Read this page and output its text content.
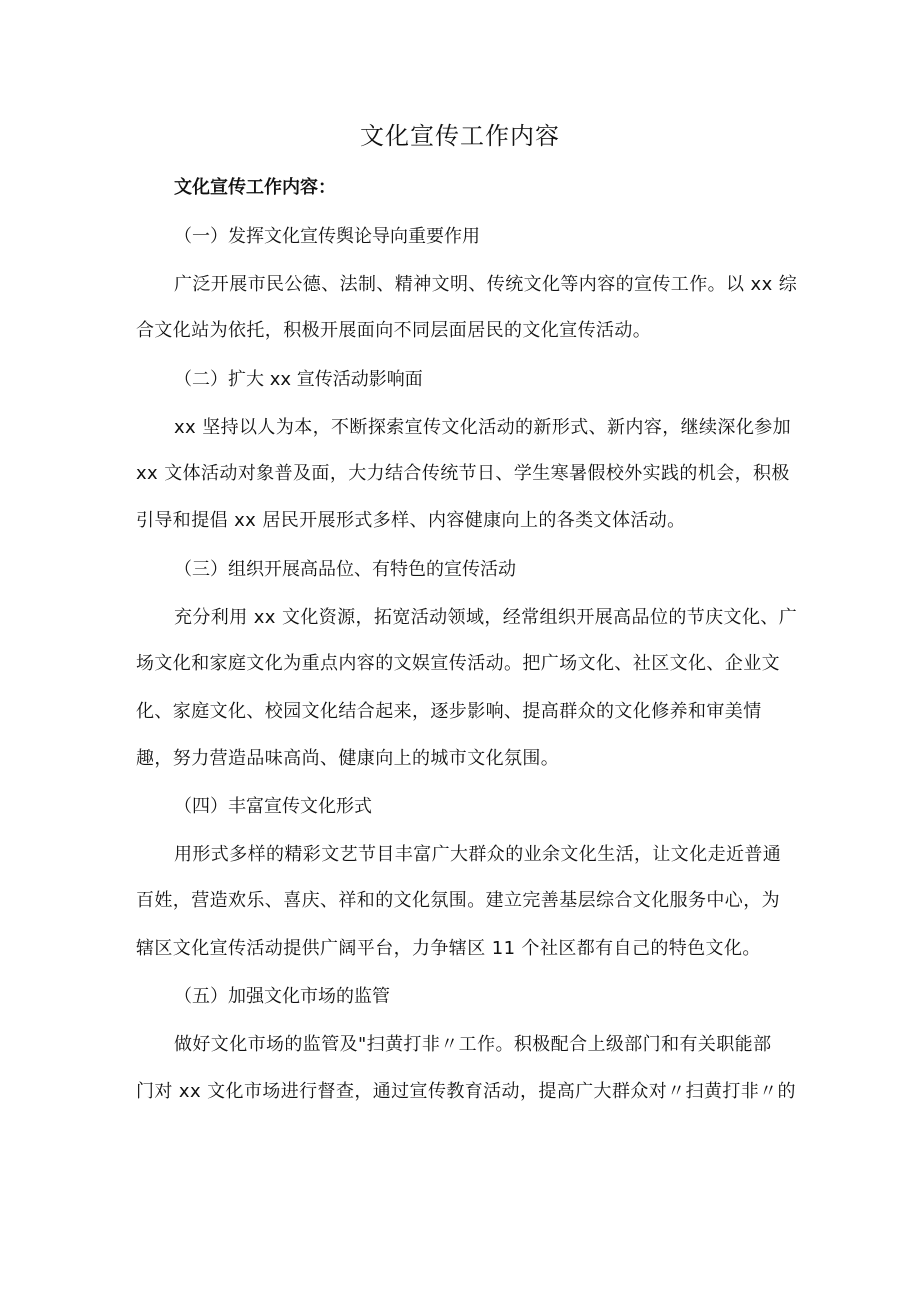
文化宣传工作内容
文化宣传工作内容：
（一）发挥文化宣传舆论导向重要作用
广泛开展市民公德、法制、精神文明、传统文化等内容的宣传工作。以 xx 综
合文化站为依托，积极开展面向不同层面居民的文化宣传活动。
（二）扩大 xx 宣传活动影响面
xx 坚持以人为本，不断探索宣传文化活动的新形式、新内容，继续深化参加
xx 文体活动对象普及面，大力结合传统节日、学生寒暑假校外实践的机会，积极
引导和提倡 xx 居民开展形式多样、内容健康向上的各类文体活动。
（三）组织开展高品位、有特色的宣传活动
充分利用 xx 文化资源，拓宽活动领域，经常组织开展高品位的节庆文化、广
场文化和家庭文化为重点内容的文娱宣传活动。把广场文化、社区文化、企业文
化、家庭文化、校园文化结合起来，逐步影响、提高群众的文化修养和审美情
趣，努力营造品味高尚、健康向上的城市文化氛围。
（四）丰富宣传文化形式
用形式多样的精彩文艺节目丰富广大群众的业余文化生活，让文化走近普通
百姓，营造欢乐、喜庆、祥和的文化氛围。建立完善基层综合文化服务中心，为
辖区文化宣传活动提供广阔平台，力争辖区 11 个社区都有自己的特色文化。
（五）加强文化市场的监管
做好文化市场的监管及"扫黄打非〃工作。积极配合上级部门和有关职能部
门对 xx 文化市场进行督查，通过宣传教育活动，提高广大群众对〃扫黄打非〃的
